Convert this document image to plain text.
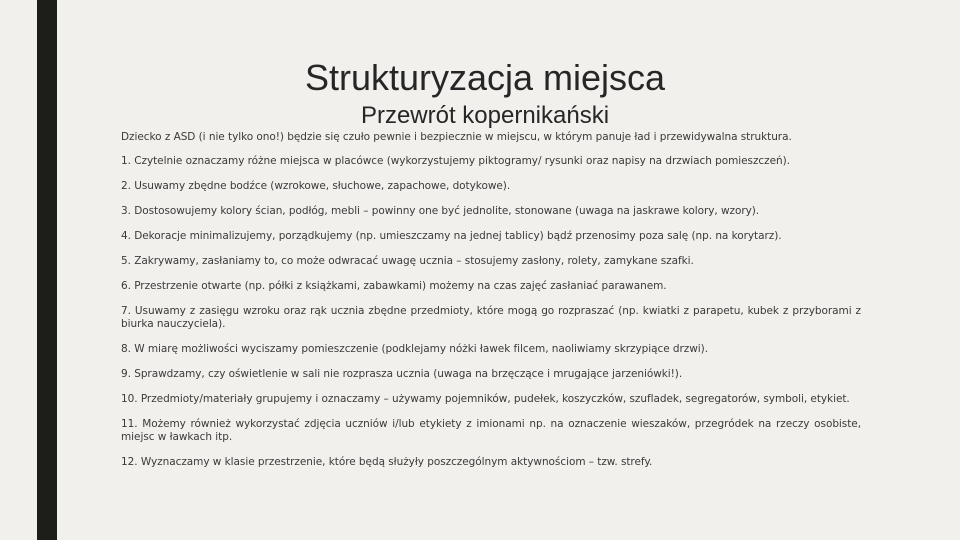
Strukturyzacja miejsca
Przewrót kopernikański

Dziecko z ASD (i nie tylko ono!) będzie się czuło pewnie i bezpiecznie w miejscu, w którym panuje ład i przewidywalna struktura.

1. Czytelnie oznaczamy różne miejsca w placówce (wykorzystujemy piktogramy/ rysunki oraz napisy na drzwiach pomieszczeń).

2. Usuwamy zbędne bodźce (wzrokowe, słuchowe, zapachowe, dotykowe).

3. Dostosowujemy kolory ścian, podłóg, mebli – powinny one być jednolite, stonowane (uwaga na jaskrawe kolory, wzory).

4. Dekoracje minimalizujemy, porządkujemy (np. umieszczamy na jednej tablicy) bądź przenosimy poza salę (np. na korytarz).

5. Zakrywamy, zasłaniamy to, co może odwracać uwagę ucznia – stosujemy zasłony, rolety, zamykane szafki.

6. Przestrzenie otwarte (np. półki z książkami, zabawkami) możemy na czas zajęć zasłaniać parawanem.

7. Usuwamy z zasięgu wzroku oraz rąk ucznia zbędne przedmioty, które mogą go rozpraszać (np. kwiatki z parapetu, kubek z przyborami z biurka nauczyciela).

8. W miarę możliwości wyciszamy pomieszczenie (podklejamy nóżki ławek filcem, naoliwiamy skrzypiące drzwi).

9. Sprawdzamy, czy oświetlenie w sali nie rozprasza ucznia (uwaga na brzęczące i mrugające jarzeniówki!).

10. Przedmioty/materiały grupujemy i oznaczamy – używamy pojemników, pudełek, koszyczków, szufladek, segregatorów, symboli, etykiet.

11. Możemy również wykorzystać zdjęcia uczniów i/lub etykiety z imionami np. na oznaczenie wieszaków, przegródek na rzeczy osobiste, miejsc w ławkach itp.

12. Wyznaczamy w klasie przestrzenie, które będą służyły poszczególnym aktywnościom – tzw. strefy.
